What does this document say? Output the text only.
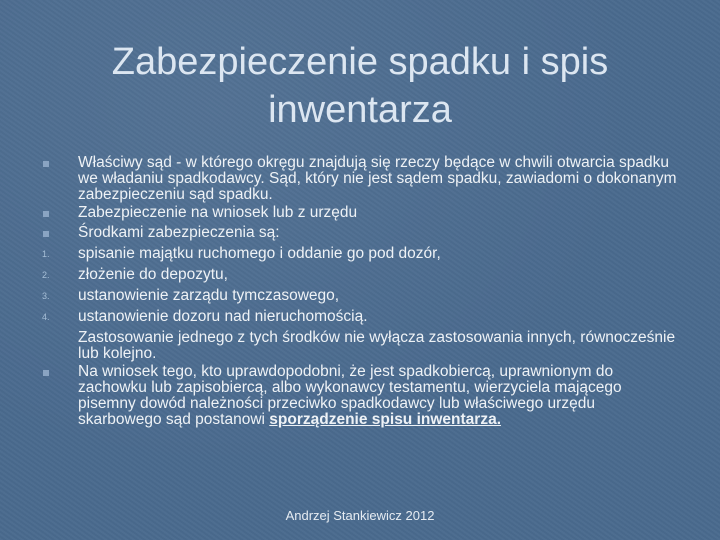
Zabezpieczenie spadku i spis
inwentarza
Właściwy sąd - w którego okręgu znajdują się rzeczy będące w chwili otwarcia spadku we władaniu spadkodawcy. Sąd, który nie jest sądem spadku, zawiadomi o dokonanym zabezpieczeniu sąd spadku.
Zabezpieczenie na wniosek lub z urzędu
Środkami zabezpieczenia są:
1. spisanie majątku ruchomego i oddanie go pod dozór,
2. złożenie do depozytu,
3. ustanowienie zarządu tymczasowego,
4. ustanowienie dozoru nad nieruchomością.
Zastosowanie jednego z tych środków nie wyłącza zastosowania innych, równocześnie lub kolejno.
Na wniosek tego, kto uprawdopodobni, że jest spadkobiercą, uprawnionym do zachowku lub zapisobiercą, albo wykonawcy testamentu, wierzyciela mającego pisemny dowód należności przeciwko spadkodawcy lub właściwego urzędu skarbowego sąd postanowi sporządzenie spisu inwentarza.
Andrzej Stankiewicz 2012
